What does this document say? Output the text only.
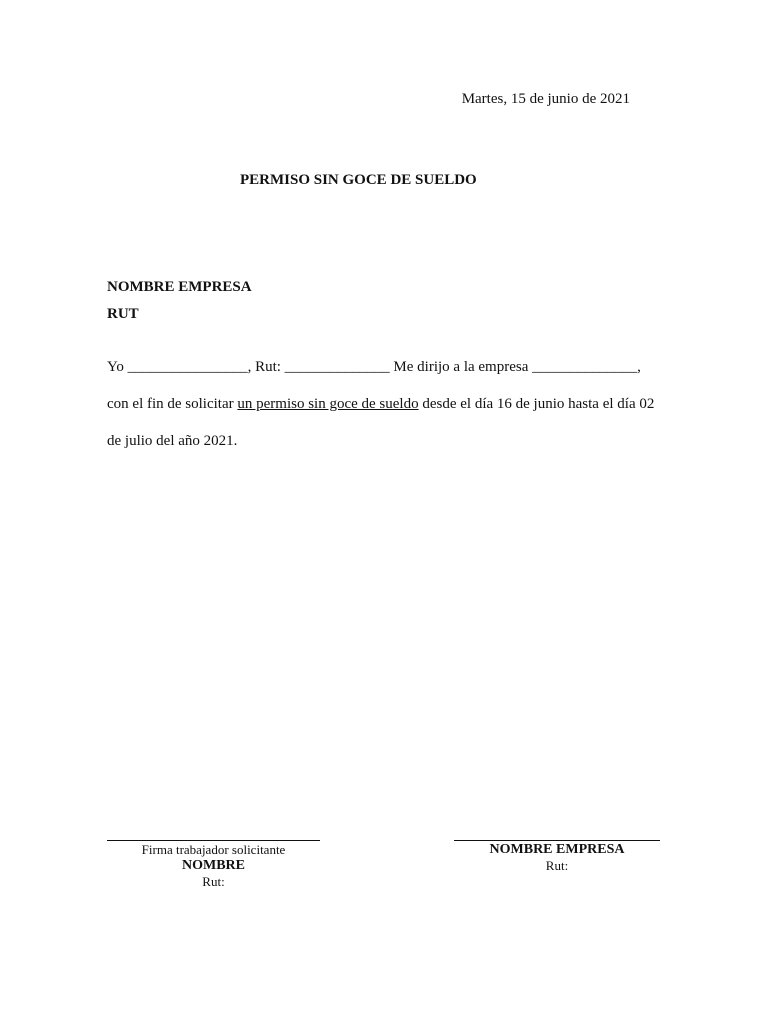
Martes, 15 de junio de 2021
PERMISO SIN GOCE DE SUELDO
NOMBRE EMPRESA
RUT
Yo ________________, Rut: ______________ Me dirijo a la empresa ______________,
con el fin de solicitar un permiso sin goce de sueldo desde el día 16 de junio hasta el día 02
de julio del año 2021.
Firma trabajador solicitante
NOMBRE
Rut:
NOMBRE EMPRESA
Rut:
